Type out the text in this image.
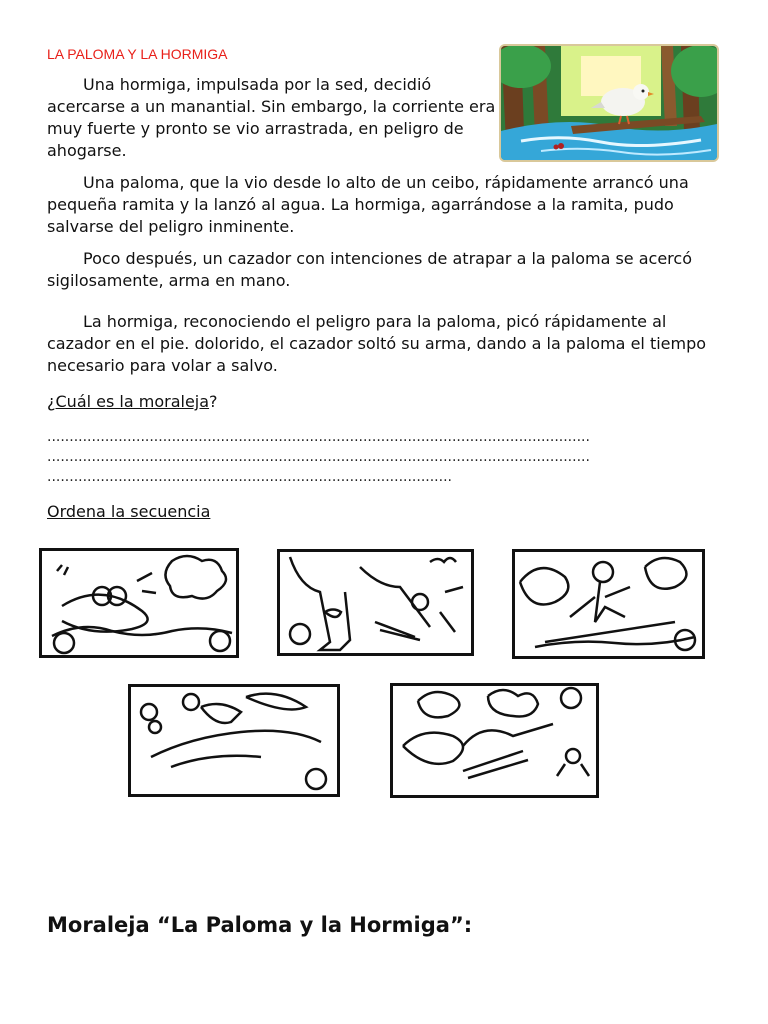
LA PALOMA Y LA HORMIGA

Una hormiga, impulsada por la sed, decidió acercarse a un manantial. Sin embargo, la corriente era muy fuerte y pronto se vio arrastrada, en peligro de ahogarse.

Una paloma, que la vio desde lo alto de un ceibo, rápidamente arrancó una pequeña ramita y la lanzó al agua. La hormiga, agarrándose a la ramita, pudo salvarse del peligro inminente.

Poco después, un cazador con intenciones de atrapar a la paloma se acercó sigilosamente, arma en mano.

La hormiga, reconociendo el peligro para la paloma, picó rápidamente al cazador en el pie. dolorido, el cazador soltó su arma, dando a la paloma el tiempo necesario para volar a salvo.

¿Cuál es la moraleja?
..........................................................................................................................
..........................................................................................................................
...........................................................................................
Ordena la secuencia
Moraleja “La Paloma y la Hormiga”:
